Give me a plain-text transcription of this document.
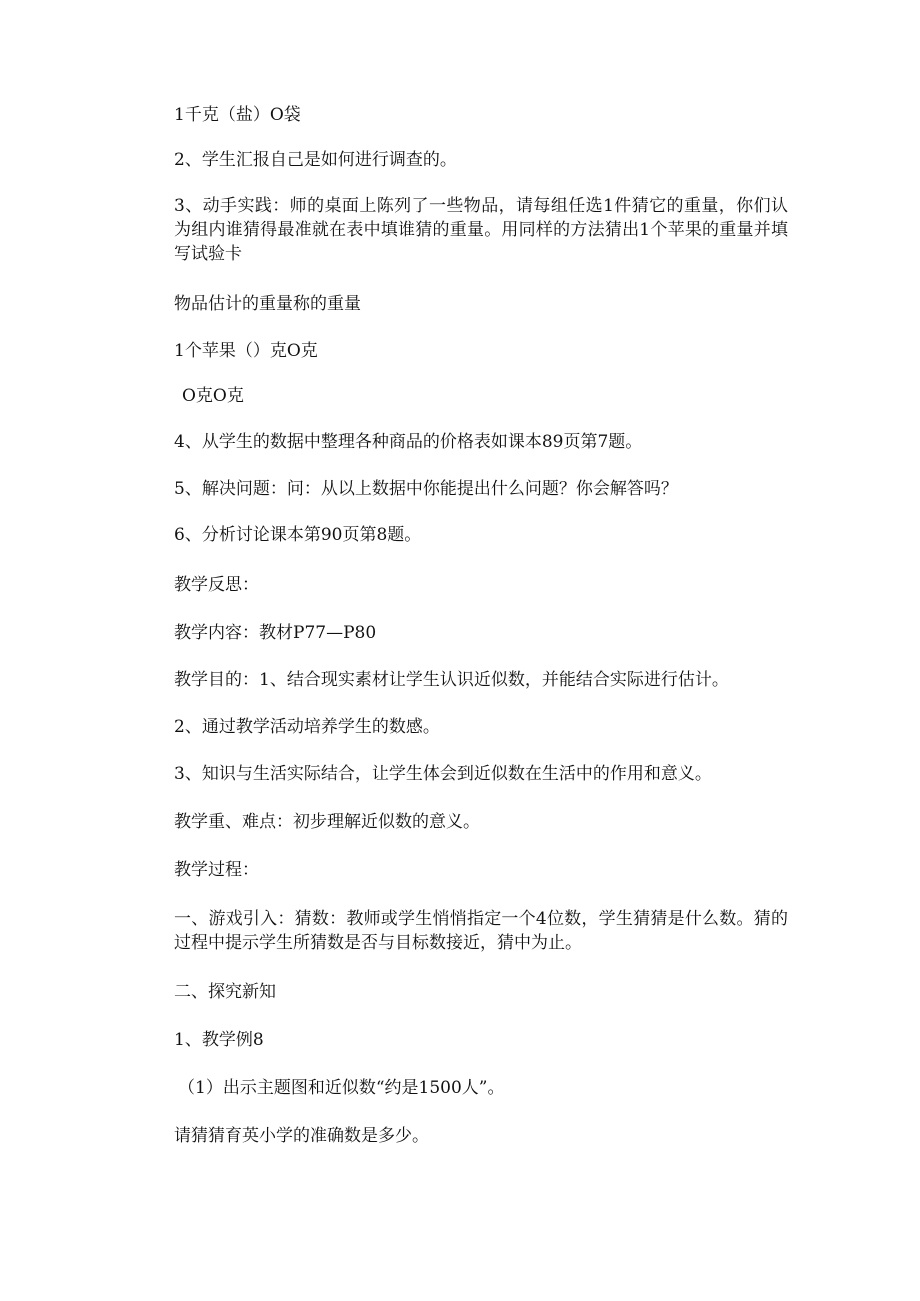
1千克（盐）O袋
2、学生汇报自己是如何进行调查的。
3、动手实践：师的桌面上陈列了一些物品，请每组任选1件猜它的重量，你们认为组内谁猜得最准就在表中填谁猜的重量。用同样的方法猜出1个苹果的重量并填写试验卡
物品估计的重量称的重量
1个苹果（）克O克
O克O克
4、从学生的数据中整理各种商品的价格表如课本89页第7题。
5、解决问题：问：从以上数据中你能提出什么问题？你会解答吗？
6、分析讨论课本第90页第8题。
教学反思：
教学内容：教材P77—P80
教学目的：1、结合现实素材让学生认识近似数，并能结合实际进行估计。
2、通过教学活动培养学生的数感。
3、知识与生活实际结合，让学生体会到近似数在生活中的作用和意义。
教学重、难点：初步理解近似数的意义。
教学过程：
一、游戏引入：猜数：教师或学生悄悄指定一个4位数，学生猜猜是什么数。猜的过程中提示学生所猜数是否与目标数接近，猜中为止。
二、探究新知
1、教学例8
（1）出示主题图和近似数“约是1500人”。
请猜猜育英小学的准确数是多少。
